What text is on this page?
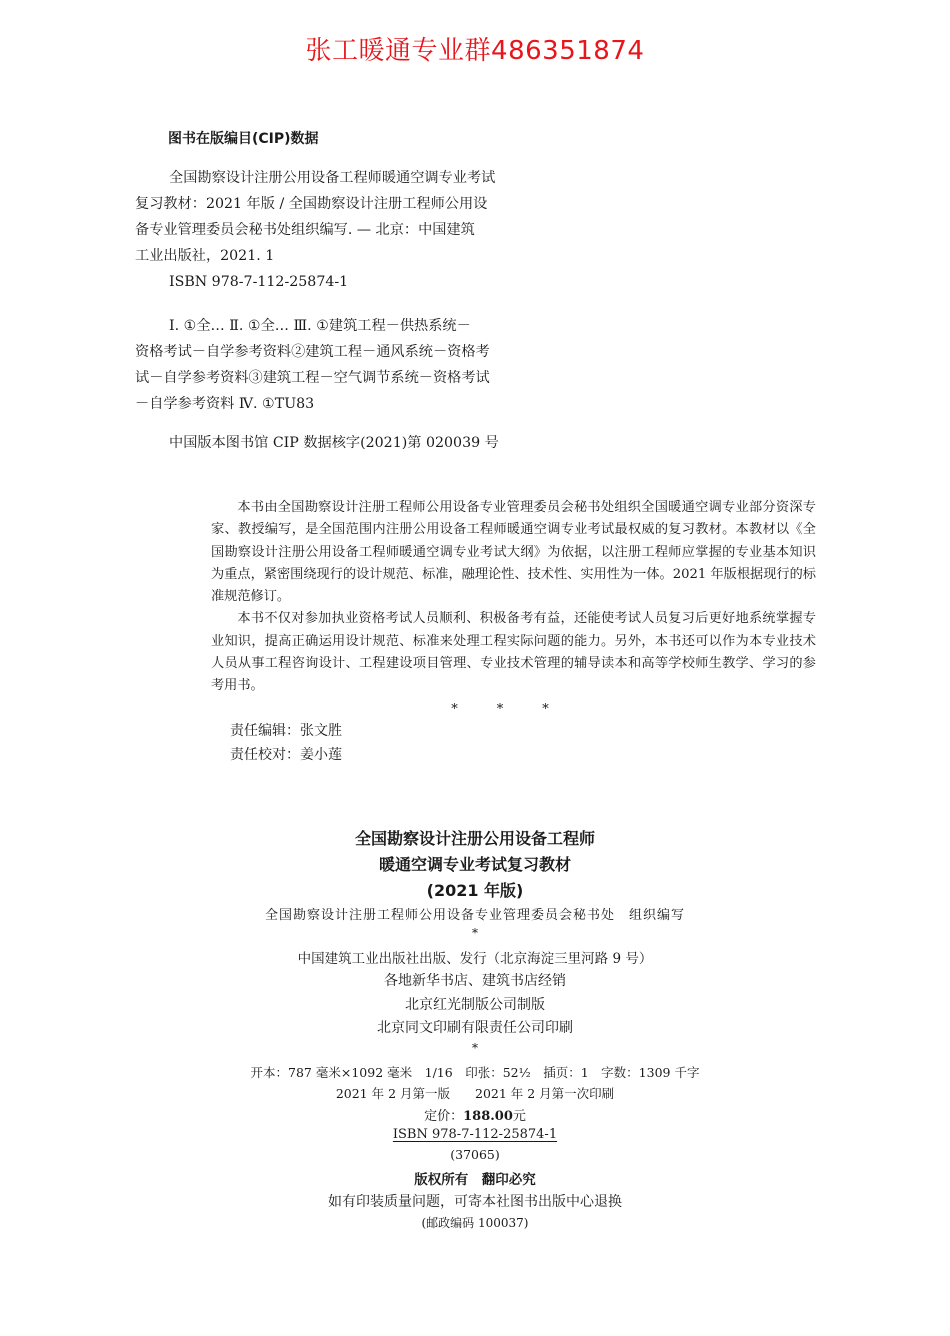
张工暖通专业群486351874
图书在版编目(CIP)数据
全国勘察设计注册公用设备工程师暖通空调专业考试
复习教材：2021 年版 / 全国勘察设计注册工程师公用设
备专业管理委员会秘书处组织编写. — 北京：中国建筑
工业出版社，2021. 1
ISBN 978-7-112-25874-1
Ⅰ. ①全… Ⅱ. ①全… Ⅲ. ①建筑工程－供热系统－
资格考试－自学参考资料②建筑工程－通风系统－资格考
试－自学参考资料③建筑工程－空气调节系统－资格考试
－自学参考资料 Ⅳ. ①TU83
中国版本图书馆 CIP 数据核字(2021)第 020039 号

本书由全国勘察设计注册工程师公用设备专业管理委员会秘书处组织全国暖通空调专业部分资深专家、教授编写，是全国范围内注册公用设备工程师暖通空调专业考试最权威的复习教材。本教材以《全国勘察设计注册公用设备工程师暖通空调专业考试大纲》为依据，以注册工程师应掌握的专业基本知识为重点，紧密围绕现行的设计规范、标准，融理论性、技术性、实用性为一体。2021 年版根据现行的标准规范修订。

本书不仅对参加执业资格考试人员顺利、积极备考有益，还能使考试人员复习后更好地系统掌握专业知识，提高正确运用设计规范、标准来处理工程实际问题的能力。另外，本书还可以作为本专业技术人员从事工程咨询设计、工程建设项目管理、专业技术管理的辅导读本和高等学校师生教学、学习的参考用书。

*　　　*　　　*
责任编辑：张文胜
责任校对：姜小莲
全国勘察设计注册公用设备工程师
暖通空调专业考试复习教材
(2021 年版)
全国勘察设计注册工程师公用设备专业管理委员会秘书处　组织编写
*
中国建筑工业出版社出版、发行（北京海淀三里河路 9 号）
各地新华书店、建筑书店经销
北京红光制版公司制版
北京同文印刷有限责任公司印刷
*
开本：787 毫米×1092 毫米　1/16　印张：52½　插页：1　字数：1309 千字
2021 年 2 月第一版　　2021 年 2 月第一次印刷
定价：188.00元
ISBN 978-7-112-25874-1
(37065)
版权所有　翻印必究
如有印装质量问题，可寄本社图书出版中心退换
(邮政编码 100037)
